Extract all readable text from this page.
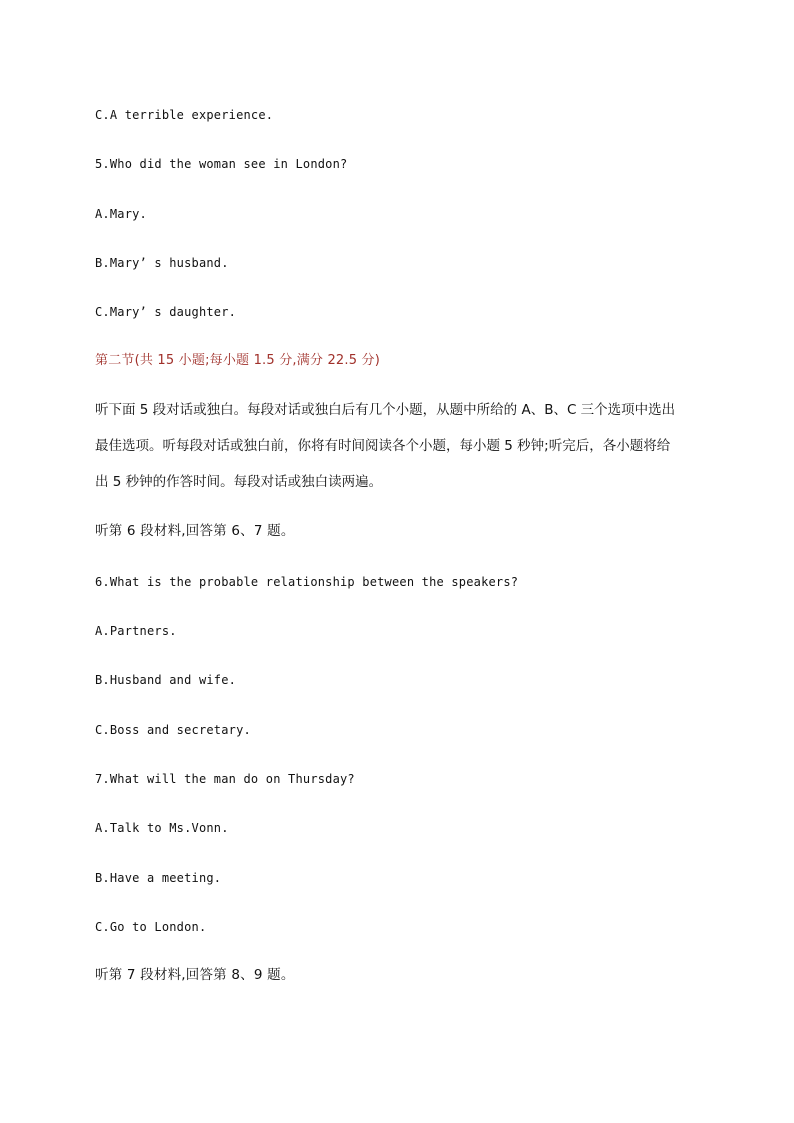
C.A terrible experience.
5.Who did the woman see in London?
A.Mary.
B.Mary’ s husband.
C.Mary’ s daughter.
第二节(共 15 小题;每小题 1.5 分,满分 22.5 分)
听下面 5 段对话或独白。每段对话或独白后有几个小题，从题中所给的 A、B、C 三个选项中选出
最佳选项。听每段对话或独白前，你将有时间阅读各个小题，每小题 5 秒钟;听完后，各小题将给
出 5 秒钟的作答时间。每段对话或独白读两遍。
听第 6 段材料,回答第 6、7 题。
6.What is the probable relationship between the speakers?
A.Partners.
B.Husband and wife.
C.Boss and secretary.
7.What will the man do on Thursday?
A.Talk to Ms.Vonn.
B.Have a meeting.
C.Go to London.
听第 7 段材料,回答第 8、9 题。
